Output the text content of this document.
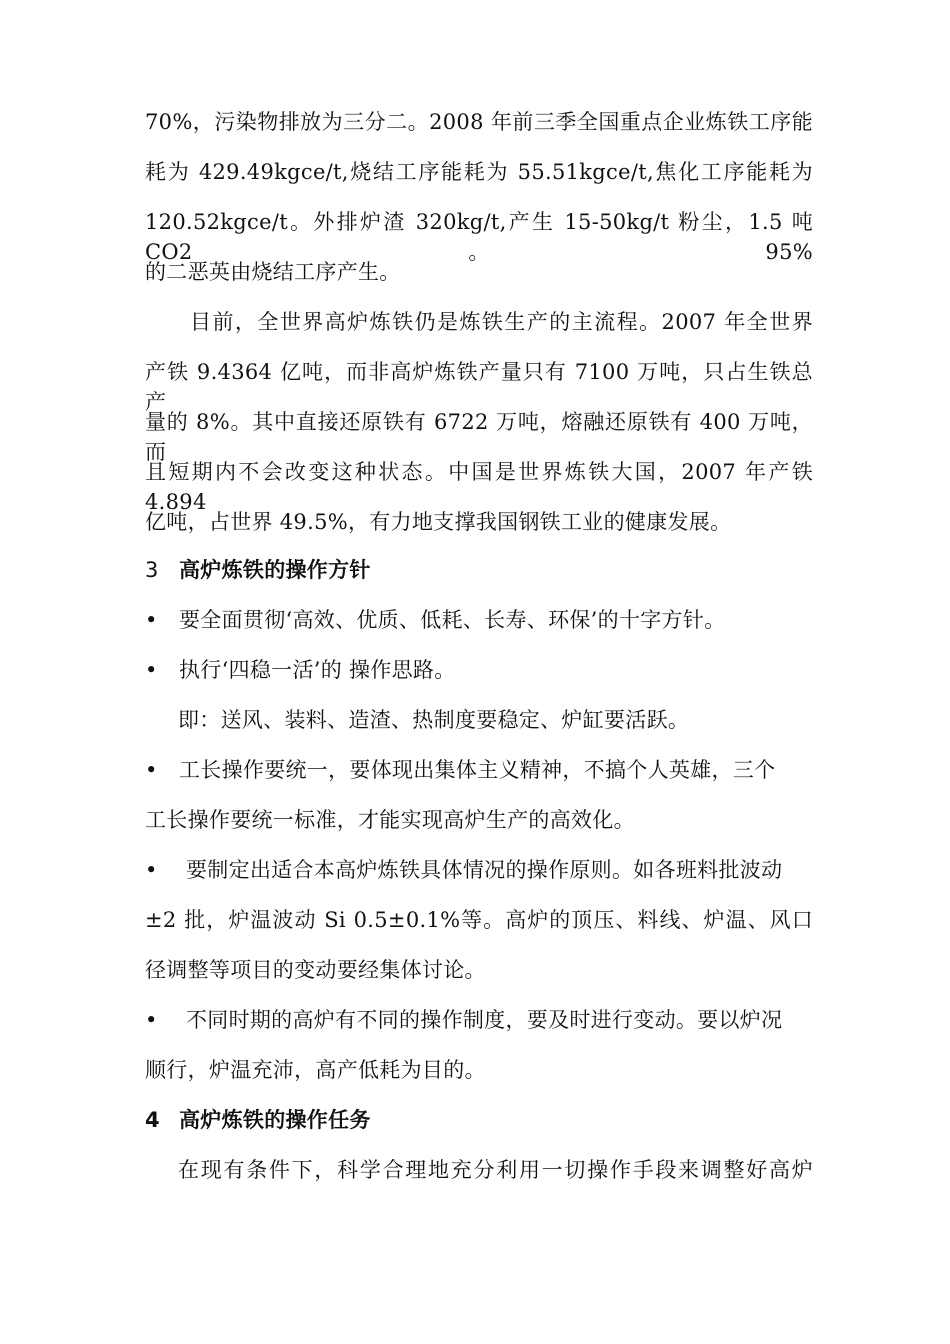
70%，污染物排放为三分二。2008 年前三季全国重点企业炼铁工序能
耗为 429.49kgce/t,烧结工序能耗为 55.51kgce/t,焦化工序能耗为
120.52kgce/t。外排炉渣 320kg/t,产生 15-50kg/t 粉尘，1.5 吨 CO2。95%
的二恶英由烧结工序产生。
目前，全世界高炉炼铁仍是炼铁生产的主流程。2007 年全世界
产铁 9.4364 亿吨，而非高炉炼铁产量只有 7100 万吨，只占生铁总产
量的 8%。其中直接还原铁有 6722 万吨，熔融还原铁有 400 万吨，而
且短期内不会改变这种状态。中国是世界炼铁大国，2007 年产铁 4.894
亿吨，占世界 49.5%，有力地支撑我国钢铁工业的健康发展。
3 高炉炼铁的操作方针
• 要全面贯彻‘高效、优质、低耗、长寿、环保’的十字方针。
• 执行‘四稳一活’的 操作思路。
即：送风、装料、造渣、热制度要稳定、炉缸要活跃。
• 工长操作要统一，要体现出集体主义精神，不搞个人英雄，三个
工长操作要统一标准，才能实现高炉生产的高效化。
• 要制定出适合本高炉炼铁具体情况的操作原则。如各班料批波动
±2 批，炉温波动 Si 0.5±0.1%等。高炉的顶压、料线、炉温、风口
径调整等项目的变动要经集体讨论。
• 不同时期的高炉有不同的操作制度，要及时进行变动。要以炉况
顺行，炉温充沛，高产低耗为目的。
4 高炉炼铁的操作任务
在现有条件下，科学合理地充分利用一切操作手段来调整好高炉
